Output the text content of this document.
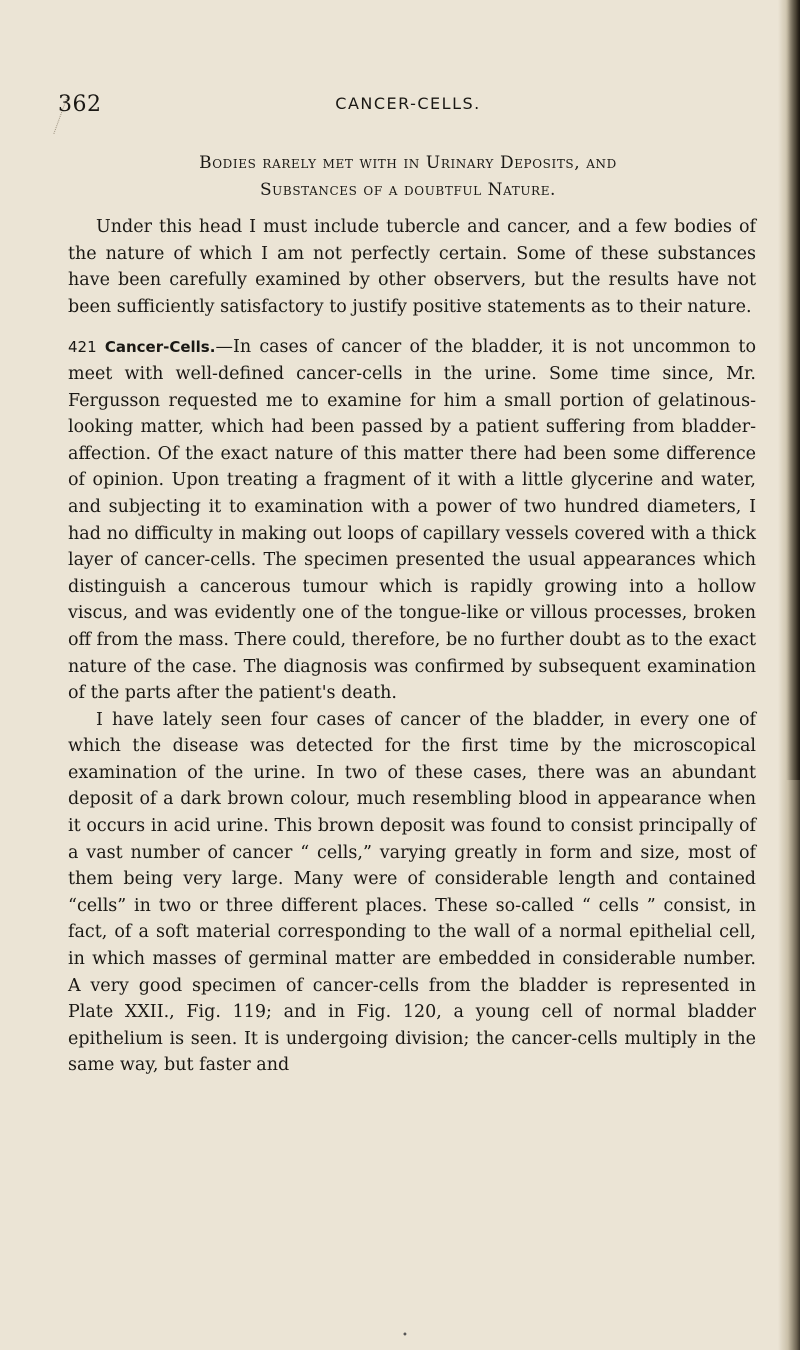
362	CANCER-CELLS.
Bodies rarely met with in Urinary Deposits, and
Substances of a doubtful Nature.

Under this head I must include tubercle and cancer, and a few bodies of the nature of which I am not perfectly certain. Some of these substances have been carefully examined by other observers, but the results have not been sufficiently satisfactory to justify positive statements as to their nature.

421 Cancer-Cells.—In cases of cancer of the bladder, it is not uncommon to meet with well-defined cancer-cells in the urine. Some time since, Mr. Fergusson requested me to examine for him a small portion of gelatinous-looking matter, which had been passed by a patient suffering from bladder-affection. Of the exact nature of this matter there had been some difference of opinion. Upon treating a fragment of it with a little glycerine and water, and subjecting it to examination with a power of two hundred diameters, I had no difficulty in making out loops of capillary vessels covered with a thick layer of cancer-cells. The specimen presented the usual appearances which distinguish a cancerous tumour which is rapidly growing into a hollow viscus, and was evidently one of the tongue-like or villous processes, broken off from the mass. There could, therefore, be no further doubt as to the exact nature of the case. The diagnosis was confirmed by subsequent examination of the parts after the patient's death.

I have lately seen four cases of cancer of the bladder, in every one of which the disease was detected for the first time by the microscopical examination of the urine. In two of these cases, there was an abundant deposit of a dark brown colour, much resembling blood in appearance when it occurs in acid urine. This brown deposit was found to consist principally of a vast number of cancer “ cells,” varying greatly in form and size, most of them being very large. Many were of considerable length and contained “cells” in two or three different places. These so-called “ cells ” consist, in fact, of a soft material corresponding to the wall of a normal epithelial cell, in which masses of germinal matter are embedded in considerable number. A very good specimen of cancer-cells from the bladder is represented in Plate XXII., Fig. 119; and in Fig. 120, a young cell of normal bladder epithelium is seen. It is undergoing division; the cancer-cells multiply in the same way, but faster and

•
